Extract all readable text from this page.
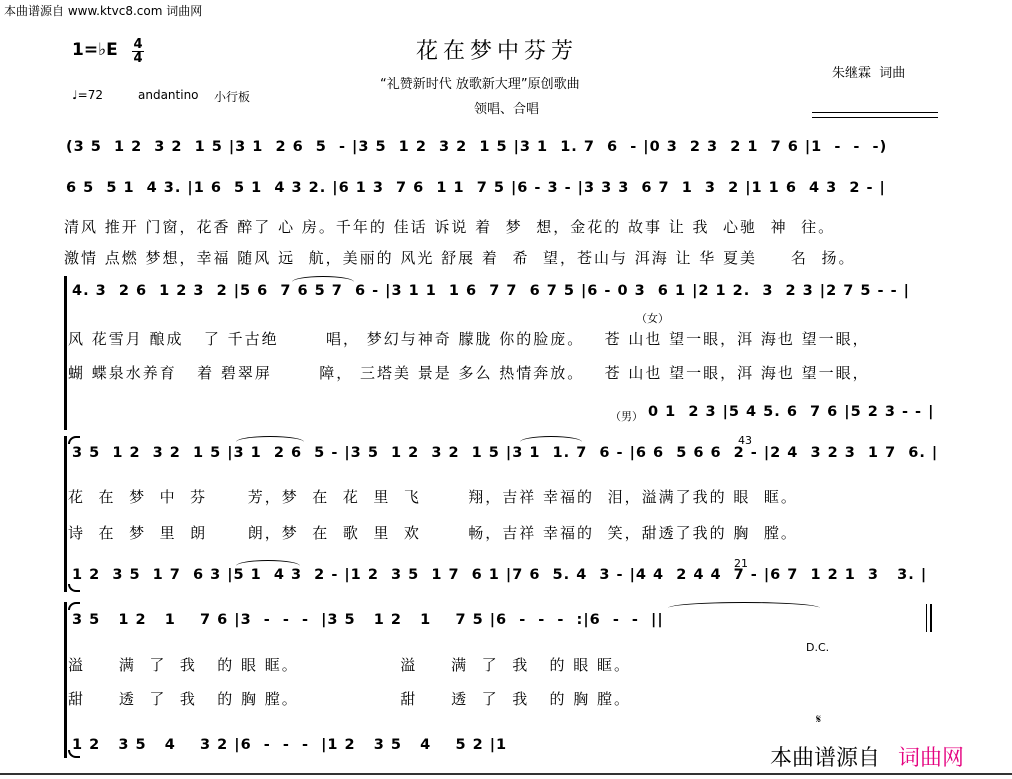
本曲谱源自 www.ktvc8.com 词曲网
花在梦中芬芳
1=♭E 4
4
“礼赞新时代 放歌新大理”原创歌曲
朱继霖  词曲
♩=72	andantino 小行板
领唱、合唱
(3 5  1 2  3 2  1 5 |3 1  2 6  5  - |3 5  1 2  3 2  1 5 |3 1  1. 7  6  - |0 3  2 3  2 1  7 6 |1  -  -  -)
6 5  5 1  4 3. |1 6  5 1  4 3 2. |6 1 3  7 6  1 1  7 5 |6 - 3 - |3 3 3  6 7  1  3  2 |1 1 6  4 3  2 - |
清风 推开 门窗，花香 醉了 心 房。千年的 佳话 诉说 着  梦  想，金花的 故事 让 我  心驰  神  往。
激情 点燃 梦想，幸福 随风 远  航，美丽的 风光 舒展 着  希  望，苍山与 洱海 让 华 夏美     名  扬。
4. 3  2 6  1 2 3  2 |5 6  7 6 5 7  6 - |3 1 1  1 6  7 7  6 7 5 |6 - 0 3  6 1 |2 1 2.  3  2 3 |2 7 5 - - |
风 花雪月 酿成   了 千古绝       唱， 梦幻与神奇 朦胧 你的脸庞。   苍 山也 望一眼，洱 海也 望一眼，
蝴 蝶泉水养育   着 碧翠屏       障， 三塔美 景是 多么 热情奔放。   苍 山也 望一眼，洱 海也 望一眼，
（女）
（男） 0 1  2 3 |5 4 5. 6  7 6 |5 2 3 - - |
3 5  1 2  3 2  1 5 |3 1  2 6  5 - |3 5  1 2  3 2  1 5 |3 1  1. 7  6 - |6 6  5 6 6  2 - |2 4  3 2 3  1 7  6. |
43
花  在  梦  中  芬      芳，梦  在  花  里  飞       翔，吉祥 幸福的  泪，溢满了我的 眼  眶。
诗  在  梦  里  朗      朗，梦  在  歌  里  欢       畅，吉祥 幸福的  笑，甜透了我的 胸  膛。
1 2  3 5  1 7  6 3 |5 1  4 3  2 - |1 2  3 5  1 7  6 1 |7 6  5. 4  3 - |4 4  2 4 4  7 - |6 7  1 2 1  3   3. |
21
3 5   1 2   1    7 6 |3  -  -  -  |3 5   1 2   1    7 5 |6  -  -  -  :|6  -  -  ||
D.C.
溢     满  了  我   的 眼 眶。               溢     满  了  我   的 眼 眶。
甜     透  了  我   的 胸 膛。               甜     透  了  我   的 胸 膛。
1 2   3 5   4    3 2 |6  -  -  -  |1 2   3 5   4    5 2 |1
𝄋
本曲谱源自 词曲网
